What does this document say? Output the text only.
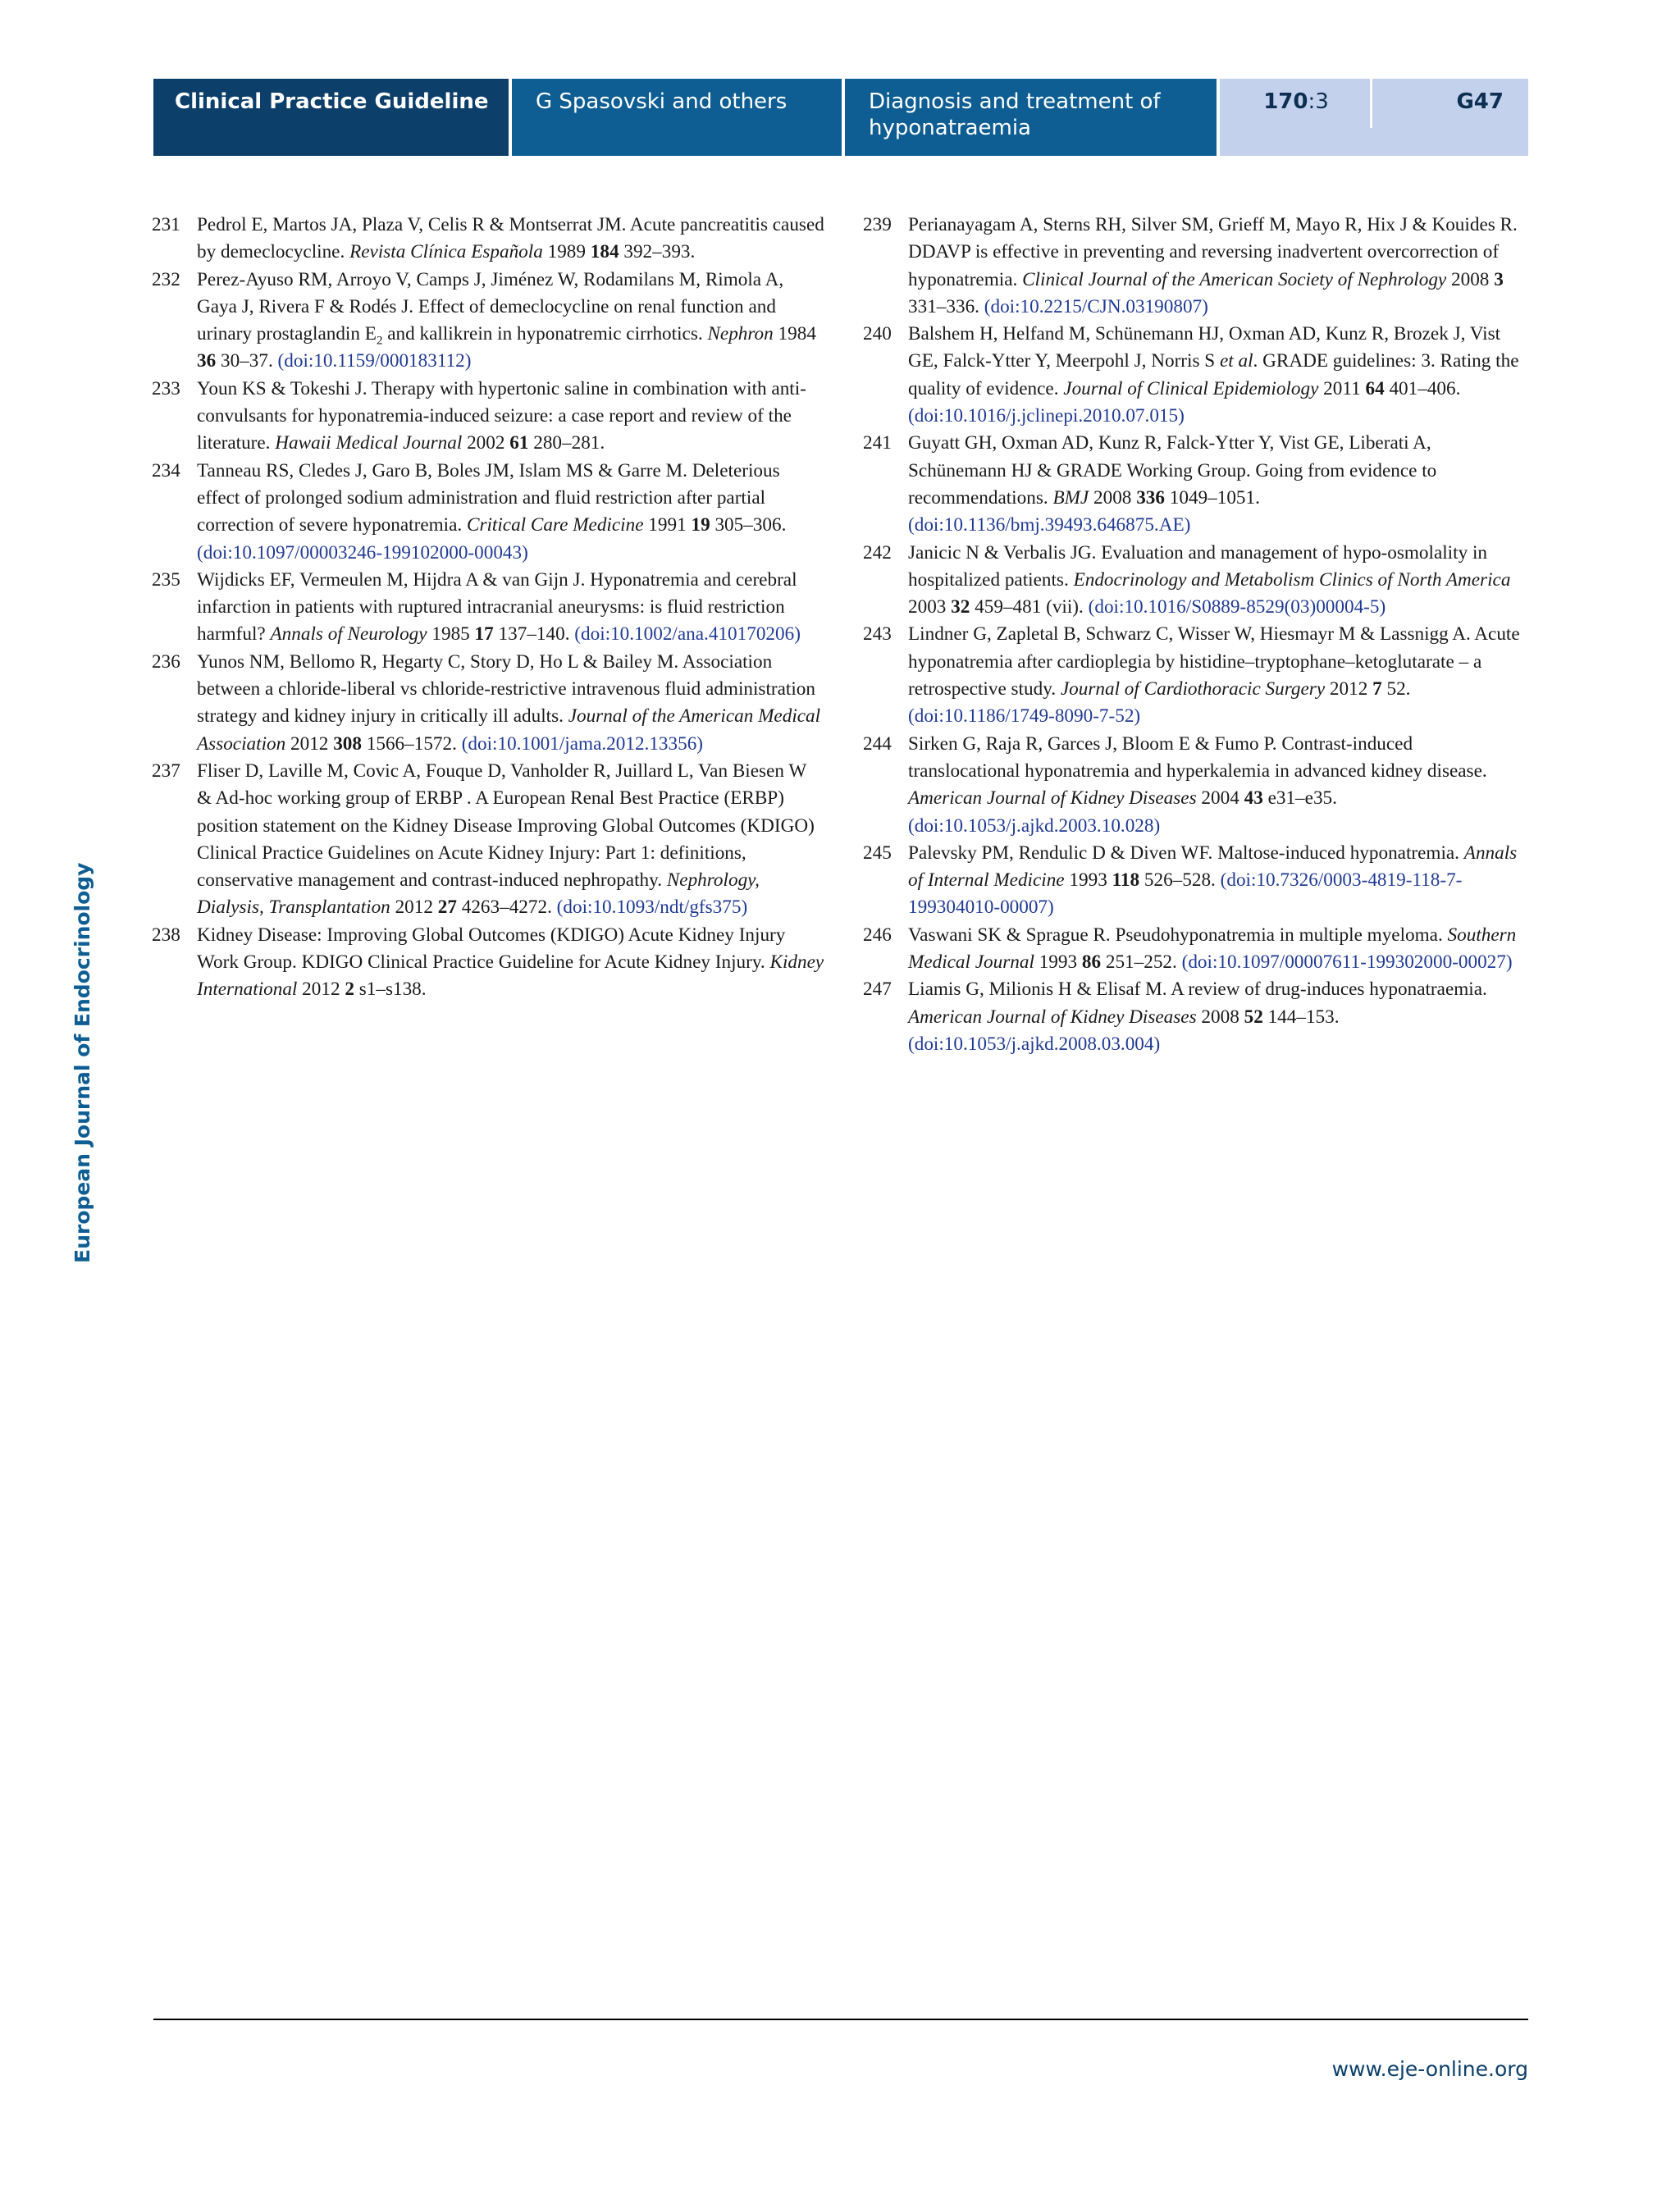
Clinical Practice Guideline	G Spasovski and others	Diagnosis and treatment of
hyponatraemia
170:3	G47
European Journal of Endocrinology

231 Pedrol E, Martos JA, Plaza V, Celis R & Montserrat JM. Acute pancreatitis caused by demeclocycline. Revista Clínica Española 1989 184 392–393.

232 Perez-Ayuso RM, Arroyo V, Camps J, Jiménez W, Rodamilans M, Rimola A, Gaya J, Rivera F & Rodés J. Effect of demeclocycline on renal function and urinary prostaglandin $E_2$ and kallikrein in hyponatremic cirrhotics. Nephron 1984 36 30–37. (doi:10.1159/000183112)

233 Youn KS & Tokeshi J. Therapy with hypertonic saline in combination with anti-convulsants for hyponatremia-induced seizure: a case report and review of the literature. Hawaii Medical Journal 2002 61 280–281.

234 Tanneau RS, Cledes J, Garo B, Boles JM, Islam MS & Garre M. Deleterious effect of prolonged sodium administration and fluid restriction after partial correction of severe hyponatremia. Critical Care Medicine 1991 19 305–306. (doi:10.1097/00003246-199102000-00043)

235 Wijdicks EF, Vermeulen M, Hijdra A & van Gijn J. Hyponatremia and cerebral infarction in patients with ruptured intracranial aneurysms: is fluid restriction harmful? Annals of Neurology 1985 17 137–140. (doi:10.1002/ana.410170206)

236 Yunos NM, Bellomo R, Hegarty C, Story D, Ho L & Bailey M. Association between a chloride-liberal vs chloride-restrictive intravenous fluid administration strategy and kidney injury in critically ill adults. Journal of the American Medical Association 2012 308 1566–1572. (doi:10.1001/jama.2012.13356)

237 Fliser D, Laville M, Covic A, Fouque D, Vanholder R, Juillard L, Van Biesen W & Ad-hoc working group of ERBP . A European Renal Best Practice (ERBP) position statement on the Kidney Disease Improving Global Outcomes (KDIGO) Clinical Practice Guidelines on Acute Kidney Injury: Part 1: definitions, conservative management and contrast-induced nephropathy. Nephrology, Dialysis, Transplantation 2012 27 4263–4272. (doi:10.1093/ndt/gfs375)

238 Kidney Disease: Improving Global Outcomes (KDIGO) Acute Kidney Injury Work Group. KDIGO Clinical Practice Guideline for Acute Kidney Injury. Kidney International 2012 2 s1–s138.

239 Perianayagam A, Sterns RH, Silver SM, Grieff M, Mayo R, Hix J & Kouides R. DDAVP is effective in preventing and reversing inadvertent overcorrection of hyponatremia. Clinical Journal of the American Society of Nephrology 2008 3 331–336. (doi:10.2215/CJN.03190807)

240 Balshem H, Helfand M, Schünemann HJ, Oxman AD, Kunz R, Brozek J, Vist GE, Falck-Ytter Y, Meerpohl J, Norris S et al. GRADE guidelines: 3. Rating the quality of evidence. Journal of Clinical Epidemiology 2011 64 401–406. (doi:10.1016/j.jclinepi.2010.07.015)

241 Guyatt GH, Oxman AD, Kunz R, Falck-Ytter Y, Vist GE, Liberati A, Schünemann HJ & GRADE Working Group. Going from evidence to recommendations. BMJ 2008 336 1049–1051. (doi:10.1136/bmj.39493.646875.AE)

242 Janicic N & Verbalis JG. Evaluation and management of hypo-osmolality in hospitalized patients. Endocrinology and Metabolism Clinics of North America 2003 32 459–481 (vii). (doi:10.1016/S0889-8529(03)00004-5)

243 Lindner G, Zapletal B, Schwarz C, Wisser W, Hiesmayr M & Lassnigg A. Acute hyponatremia after cardioplegia by histidine–tryptophane–ketoglutarate – a retrospective study. Journal of Cardiothoracic Surgery 2012 7 52. (doi:10.1186/1749-8090-7-52)

244 Sirken G, Raja R, Garces J, Bloom E & Fumo P. Contrast-induced translocational hyponatremia and hyperkalemia in advanced kidney disease. American Journal of Kidney Diseases 2004 43 e31–e35. (doi:10.1053/j.ajkd.2003.10.028)

245 Palevsky PM, Rendulic D & Diven WF. Maltose-induced hyponatremia. Annals of Internal Medicine 1993 118 526–528. (doi:10.7326/0003-4819-118-7-199304010-00007)

246 Vaswani SK & Sprague R. Pseudohyponatremia in multiple myeloma. Southern Medical Journal 1993 86 251–252. (doi:10.1097/00007611-199302000-00027)

247 Liamis G, Milionis H & Elisaf M. A review of drug-induces hyponatraemia. American Journal of Kidney Diseases 2008 52 144–153. (doi:10.1053/j.ajkd.2008.03.004)

www.eje-online.org
